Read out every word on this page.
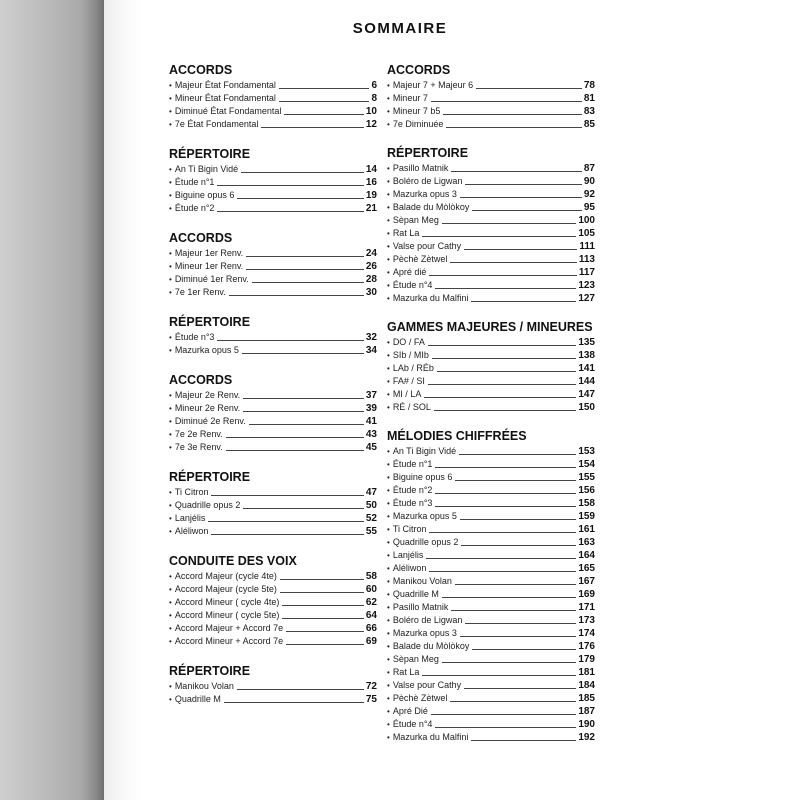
SOMMAIRE
ACCORDS
• Majeur État Fondamental	6
• Mineur État Fondamental	8
• Diminué État Fondamental	10
• 7e État Fondamental	12
RÉPERTOIRE
• An Ti Bigin Vidé	14
• Étude n°1	16
• Biguine opus 6	19
• Étude n°2	21
ACCORDS
• Majeur 1er Renv.	24
• Mineur 1er Renv.	26
• Diminué 1er Renv.	28
• 7e 1er Renv.	30
RÉPERTOIRE
• Étude n°3	32
• Mazurka opus 5	34
ACCORDS
• Majeur 2e Renv.	37
• Mineur 2e Renv.	39
• Diminué 2e Renv.	41
• 7e 2e Renv.	43
• 7e 3e Renv.	45
RÉPERTOIRE
• Ti Citron	47
• Quadrille opus 2	50
• Lanjélis	52
• Aléliwon	55
CONDUITE DES VOIX
• Accord Majeur (cycle 4te)	58
• Accord Majeur (cycle 5te)	60
• Accord Mineur ( cycle 4te)	62
• Accord Mineur ( cycle 5te)	64
• Accord Majeur + Accord 7e	66
• Accord Mineur + Accord 7e	69
RÉPERTOIRE
• Manikou Volan	72
• Quadrille M	75
ACCORDS
• Majeur 7 + Majeur 6	78
• Mineur 7	81
• Mineur 7 b5	83
• 7e Diminuée	85
RÉPERTOIRE
• Pasillo Matnik	87
• Boléro de Ligwan	90
• Mazurka opus 3	92
• Balade du Mòlòkoy	95
• Sèpan Meg	100
• Rat La	105
• Valse pour Cathy	111
• Pèchè Zètwel	113
• Apré dié	117
• Étude n°4	123
• Mazurka du Malfini	127
GAMMES MAJEURES / MINEURES
• DO / FA	135
• SIb / MIb	138
• LAb / RÉb	141
• FA# / SI	144
• MI / LA	147
• RÉ / SOL	150
MÉLODIES CHIFFRÉES
• An Ti Bigin Vidé	153
• Étude n°1	154
• Biguine opus 6	155
• Étude n°2	156
• Étude n°3	158
• Mazurka opus 5	159
• Ti Citron	161
• Quadrille opus 2	163
• Lanjélis	164
• Aléliwon	165
• Manikou Volan	167
• Quadrille M	169
• Pasillo Matnik	171
• Boléro de Ligwan	173
• Mazurka opus 3	174
• Balade du Mòlòkoy	176
• Sèpan Meg	179
• Rat La	181
• Valse pour Cathy	184
• Pèchè Zètwel	185
• Apré Dié	187
• Étude n°4	190
• Mazurka du Malfini	192
